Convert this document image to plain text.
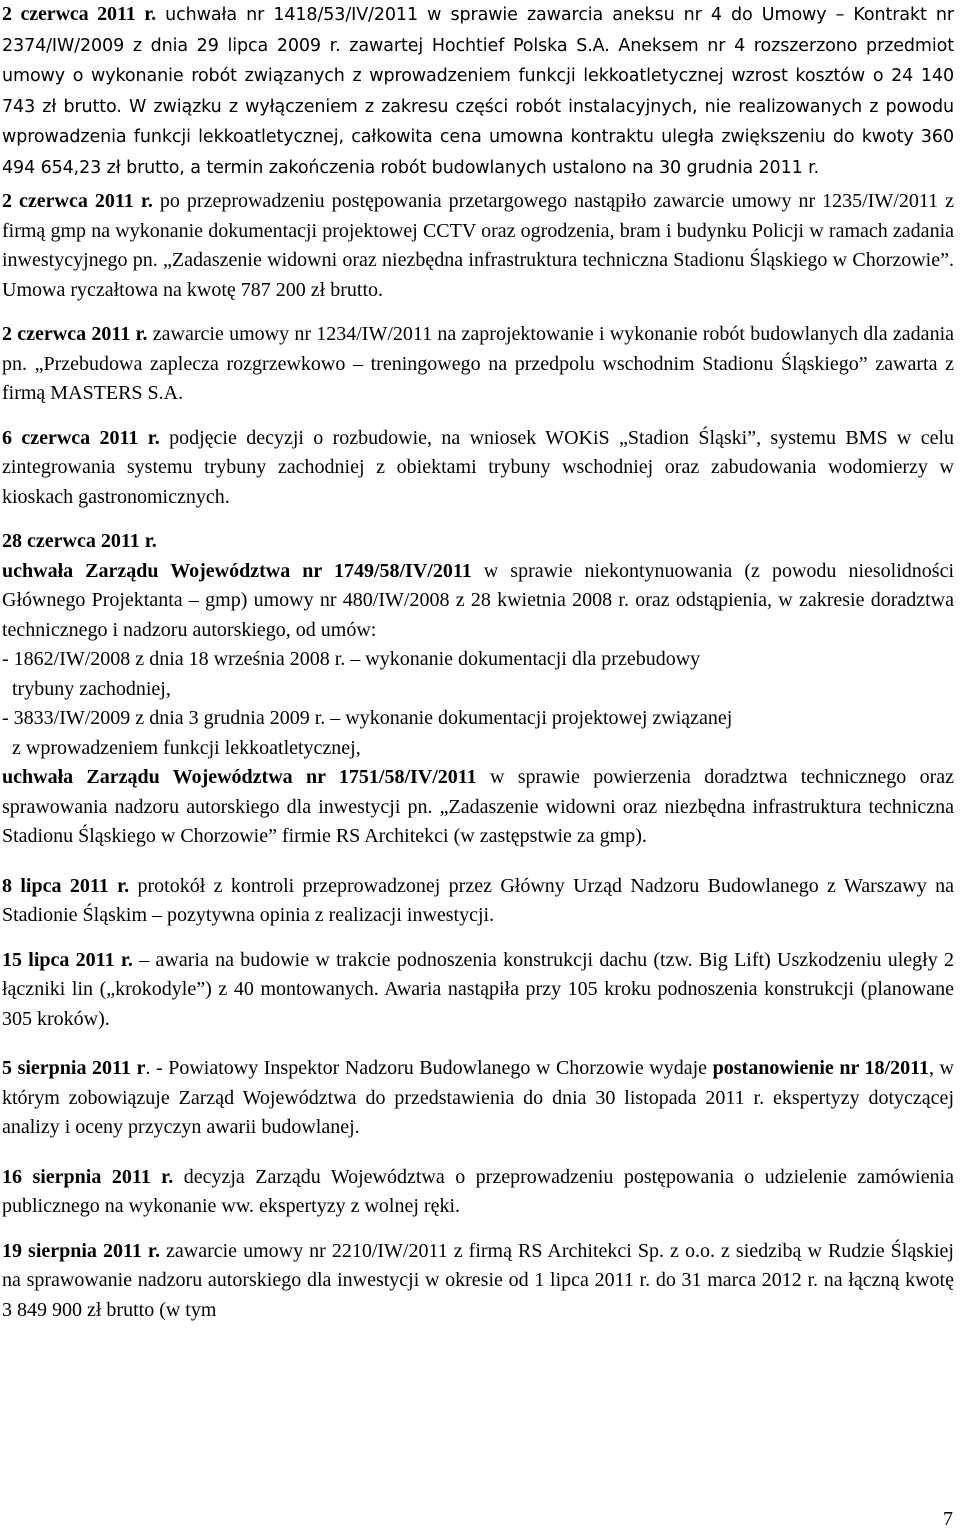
2 czerwca 2011 r. uchwała nr 1418/53/IV/2011 w sprawie zawarcia aneksu nr 4 do Umowy – Kontrakt nr 2374/IW/2009 z dnia 29 lipca 2009 r. zawartej Hochtief Polska S.A. Aneksem nr 4 rozszerzono przedmiot umowy o wykonanie robót związanych z wprowadzeniem funkcji lekkoatletycznej wzrost kosztów o 24 140 743 zł brutto. W związku z wyłączeniem z zakresu części robót instalacyjnych, nie realizowanych z powodu wprowadzenia funkcji lekkoatletycznej, całkowita cena umowna kontraktu uległa zwiększeniu do kwoty 360 494 654,23 zł brutto, a termin zakończenia robót budowlanych ustalono na 30 grudnia 2011 r.

2 czerwca 2011 r. po przeprowadzeniu postępowania przetargowego nastąpiło zawarcie umowy nr 1235/IW/2011 z firmą gmp na wykonanie dokumentacji projektowej CCTV oraz ogrodzenia, bram i budynku Policji w ramach zadania inwestycyjnego pn. „Zadaszenie widowni oraz niezbędna infrastruktura techniczna Stadionu Śląskiego w Chorzowie”. Umowa ryczałtowa na kwotę 787 200 zł brutto.

2 czerwca 2011 r. zawarcie umowy nr 1234/IW/2011 na zaprojektowanie i wykonanie robót budowlanych dla zadania pn. „Przebudowa zaplecza rozgrzewkowo – treningowego na przedpolu wschodnim Stadionu Śląskiego” zawarta z firmą MASTERS S.A.

6 czerwca 2011 r. podjęcie decyzji o rozbudowie, na wniosek WOKiS „Stadion Śląski”, systemu BMS w celu zintegrowania systemu trybuny zachodniej z obiektami trybuny wschodniej oraz zabudowania wodomierzy w kioskach gastronomicznych.

28 czerwca 2011 r.

uchwała Zarządu Województwa nr 1749/58/IV/2011 w sprawie niekontynuowania (z powodu niesolidności Głównego Projektanta – gmp) umowy nr 480/IW/2008 z 28 kwietnia 2008 r. oraz odstąpienia, w zakresie doradztwa technicznego i nadzoru autorskiego, od umów:

- 1862/IW/2008 z dnia 18 września 2008 r. – wykonanie dokumentacji dla przebudowy
trybuny zachodniej,

- 3833/IW/2009 z dnia 3 grudnia 2009 r. – wykonanie dokumentacji projektowej związanej
z wprowadzeniem funkcji lekkoatletycznej,

uchwała Zarządu Województwa nr 1751/58/IV/2011 w sprawie powierzenia doradztwa technicznego oraz sprawowania nadzoru autorskiego dla inwestycji pn. „Zadaszenie widowni oraz niezbędna infrastruktura techniczna Stadionu Śląskiego w Chorzowie” firmie RS Architekci (w zastępstwie za gmp).

8 lipca 2011 r. protokół z kontroli przeprowadzonej przez Główny Urząd Nadzoru Budowlanego z Warszawy na Stadionie Śląskim – pozytywna opinia z realizacji inwestycji.

15 lipca 2011 r. – awaria na budowie w trakcie podnoszenia konstrukcji dachu (tzw. Big Lift) Uszkodzeniu uległy 2 łączniki lin („krokodyle”) z 40 montowanych. Awaria nastąpiła przy 105 kroku podnoszenia konstrukcji (planowane 305 kroków).

5 sierpnia 2011 r. - Powiatowy Inspektor Nadzoru Budowlanego w Chorzowie wydaje postanowienie nr 18/2011, w którym zobowiązuje Zarząd Województwa do przedstawienia do dnia 30 listopada 2011 r. ekspertyzy dotyczącej analizy i oceny przyczyn awarii budowlanej.

16 sierpnia 2011 r. decyzja Zarządu Województwa o przeprowadzeniu postępowania o udzielenie zamówienia publicznego na wykonanie ww. ekspertyzy z wolnej ręki.

19 sierpnia 2011 r. zawarcie umowy nr 2210/IW/2011 z firmą RS Architekci Sp. z o.o. z siedzibą w Rudzie Śląskiej na sprawowanie nadzoru autorskiego dla inwestycji w okresie od 1 lipca 2011 r. do 31 marca 2012 r. na łączną kwotę 3 849 900 zł brutto (w tym

7
